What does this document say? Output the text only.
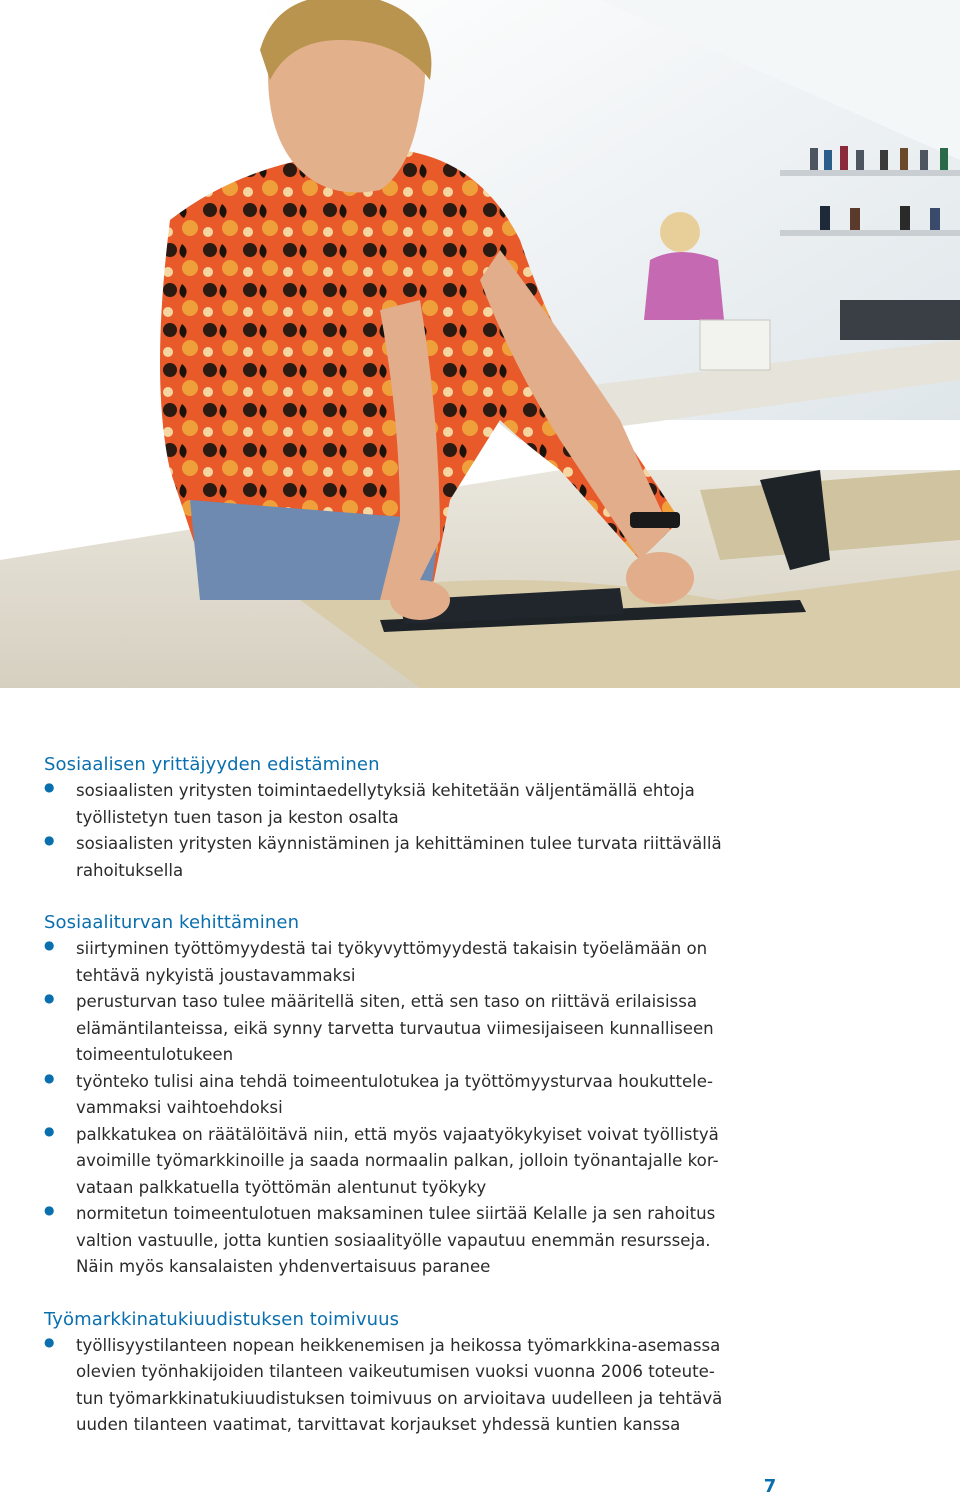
Sosiaalisen yrittäjyyden edistäminen
● sosiaalisten yritysten toimintaedellytyksiä kehitetään väljentämällä ehtoja
työllistetyn tuen tason ja keston osalta
● sosiaalisten yritysten käynnistäminen ja kehittäminen tulee turvata riittävällä
rahoituksella
Sosiaaliturvan kehittäminen
● siirtyminen työttömyydestä tai työkyvyttömyydestä takaisin työelämään on
tehtävä nykyistä joustavammaksi
● perusturvan taso tulee määritellä siten, että sen taso on riittävä erilaisissa
elämäntilanteissa, eikä synny tarvetta turvautua viimesijaiseen kunnalliseen
toimeentulotukeen
● työnteko tulisi aina tehdä toimeentulotukea ja työttömyysturvaa houkuttele-
vammaksi vaihtoehdoksi
● palkkatukea on räätälöitävä niin, että myös vajaatyökykyiset voivat työllistyä
avoimille työmarkkinoille ja saada normaalin palkan, jolloin työnantajalle kor-
vataan palkkatuella työttömän alentunut työkyky
● normitetun toimeentulotuen maksaminen tulee siirtää Kelalle ja sen rahoitus
valtion vastuulle, jotta kuntien sosiaalityölle vapautuu enemmän resursseja.
Näin myös kansalaisten yhdenvertaisuus paranee
Työmarkkinatukiuudistuksen toimivuus
● työllisyystilanteen nopean heikkenemisen ja heikossa työmarkkina-asemassa
olevien työnhakijoiden tilanteen vaikeutumisen vuoksi vuonna 2006 toteute-
tun työmarkkinatukiuudistuksen toimivuus on arvioitava uudelleen ja tehtävä
uuden tilanteen vaatimat, tarvittavat korjaukset yhdessä kuntien kanssa
7
